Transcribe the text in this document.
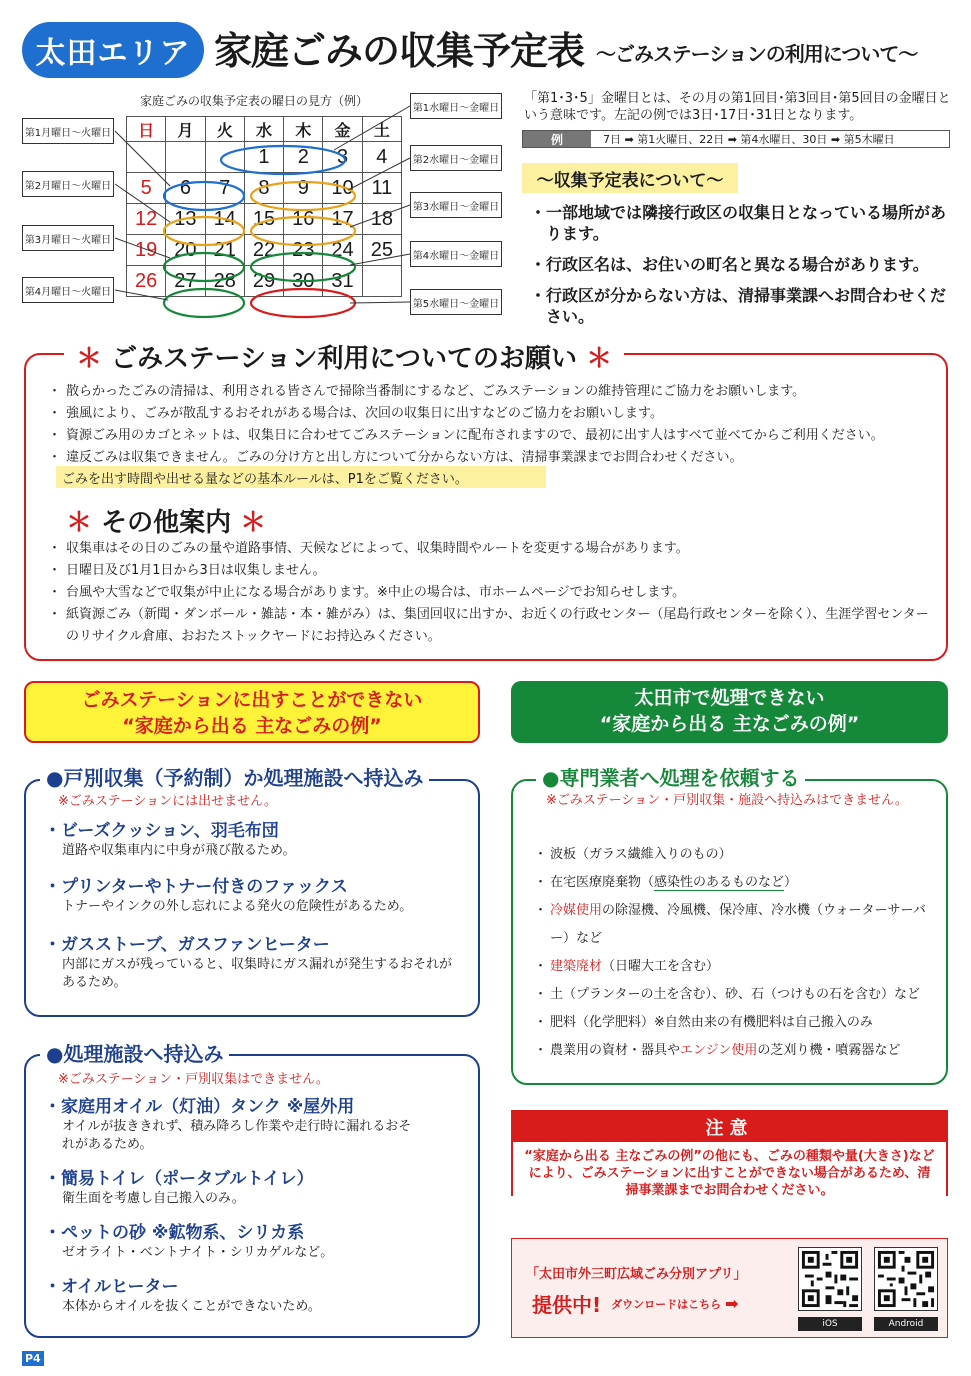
太田エリア 家庭ごみの収集予定表 ～ごみステーションの利用について～
家庭ごみの収集予定表の曜日の見方（例）
日	月	火	水	木	金	土
			1	2	3	4
5	6	7	8	9	10	11
12	13	14	15	16	17	18
19	20	21	22	23	24	25
26	27	28	29	30	31	
第1月曜日～火曜日
第2月曜日～火曜日
第3月曜日～火曜日
第4月曜日～火曜日
第1水曜日～金曜日
第2水曜日～金曜日
第3水曜日～金曜日
第4水曜日～金曜日
第5水曜日～金曜日
「第1･3･5」金曜日とは、その月の第1回目･第3回目･第5回目の金曜日という意味です。左記の例では3日･17日･31日となります。
例	7日 ➡ 第1火曜日、22日 ➡ 第4水曜日、30日 ➡ 第5木曜日
～収集予定表について～
・一部地域では隣接行政区の収集日となっている場所があります。
・行政区名は、お住いの町名と異なる場合があります。
・行政区が分からない方は、清掃事業課へお問合わせください。
＊ ごみステーション利用についてのお願い ＊
・ 散らかったごみの清掃は、利用される皆さんで掃除当番制にするなど、ごみステーションの維持管理にご協力をお願いします。
・ 強風により、ごみが散乱するおそれがある場合は、次回の収集日に出すなどのご協力をお願いします。
・ 資源ごみ用のカゴとネットは、収集日に合わせてごみステーションに配布されますので、最初に出す人はすべて並べてからご利用ください。
・ 違反ごみは収集できません。ごみの分け方と出し方について分からない方は、清掃事業課までお問合わせください。
ごみを出す時間や出せる量などの基本ルールは、P1をご覧ください。
＊ その他案内 ＊
・ 収集車はその日のごみの量や道路事情、天候などによって、収集時間やルートを変更する場合があります。
・ 日曜日及び1月1日から3日は収集しません。
・ 台風や大雪などで収集が中止になる場合があります。※中止の場合は、市ホームページでお知らせします。
・ 紙資源ごみ（新聞・ダンボール・雑誌・本・雑がみ）は、集団回収に出すか、お近くの行政センター（尾島行政センターを除く）、生涯学習センターのリサイクル倉庫、おおたストックヤードにお持込みください。
ごみステーションに出すことができない
“家庭から出る 主なごみの例”
太田市で処理できない
“家庭から出る 主なごみの例”
●戸別収集（予約制）か処理施設へ持込み
※ごみステーションには出せません。
・ビーズクッション、羽毛布団
道路や収集車内に中身が飛び散るため。
・プリンターやトナー付きのファックス
トナーやインクの外し忘れによる発火の危険性があるため。
・ガスストーブ、ガスファンヒーター
内部にガスが残っていると、収集時にガス漏れが発生するおそれがあるため。
●処理施設へ持込み
※ごみステーション・戸別収集はできません。
・家庭用オイル（灯油）タンク ※屋外用
オイルが抜ききれず、積み降ろし作業や走行時に漏れるおそれがあるため。
・簡易トイレ（ポータブルトイレ）
衛生面を考慮し自己搬入のみ。
・ペットの砂 ※鉱物系、シリカ系
ゼオライト・ベントナイト・シリカゲルなど。
・オイルヒーター
本体からオイルを抜くことができないため。
●専門業者へ処理を依頼する
※ごみステーション・戸別収集・施設へ持込みはできません。
・ 波板（ガラス繊維入りのもの）
・ 在宅医療廃棄物（感染性のあるものなど）
・ 冷媒使用の除湿機、冷風機、保冷庫、冷水機（ウォーターサーバー）など
・ 建築廃材（日曜大工を含む）
・ 土（プランターの土を含む）、砂、石（つけもの石を含む）など
・ 肥料（化学肥料）※自然由来の有機肥料は自己搬入のみ
・ 農業用の資材・器具やエンジン使用の芝刈り機・噴霧器など
注意
“家庭から出る 主なごみの例”の他にも、ごみの種類や量(大きさ)などにより、ごみステーションに出すことができない場合があるため、清掃事業課までお問合わせください。
「太田市外三町広域ごみ分別アプリ」
提供中! ダウンロードはこちら ➡
iOS	Android
P4
